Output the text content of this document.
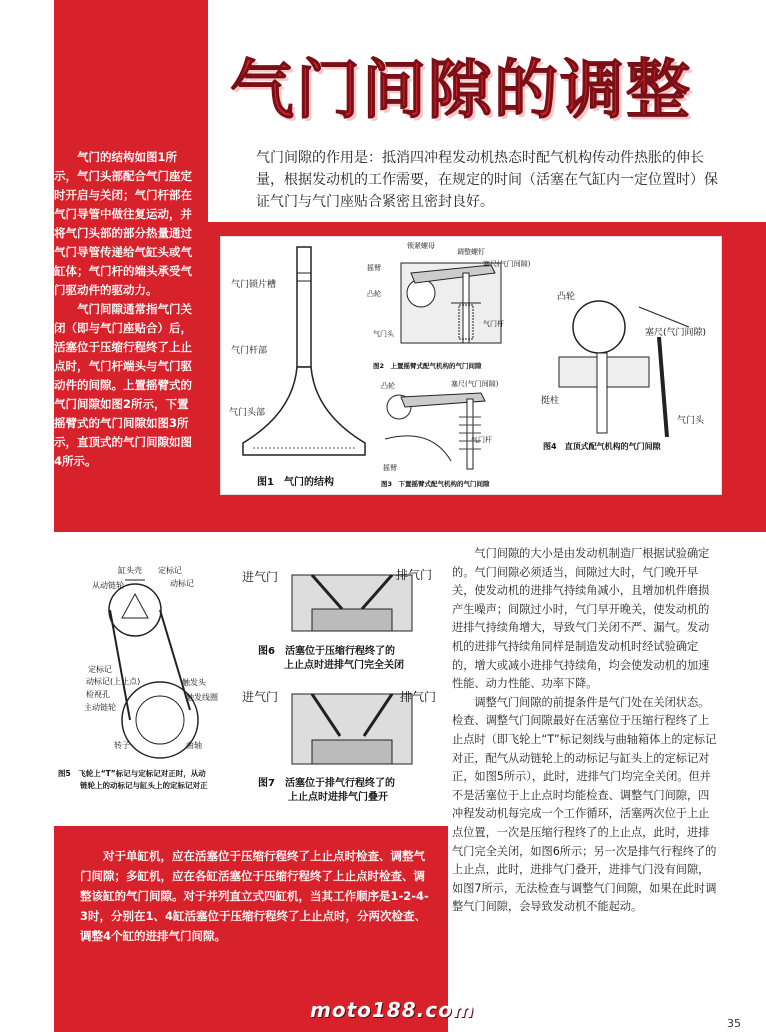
气门间隙的调整
气门间隙的作用是：抵消四冲程发动机热态时配气机构传动件热胀的伸长量，根据发动机的工作需要，在规定的时间（活塞在气缸内一定位置时）保证气门与气门座贴合紧密且密封良好。

气门的结构如图1所示，气门头部配合气门座定时开启与关闭；气门杆部在气门导管中做往复运动，并将气门头部的部分热量通过气门导管传递给气缸头或气缸体；气门杆的端头承受气门驱动件的驱动力。

气门间隙通常指气门关闭（即与气门座贴合）后，活塞位于压缩行程终了上止点时，气门杆端头与气门驱动件的间隙。上置摇臂式的气门间隙如图2所示，下置摇臂式的气门间隙如图3所示，直顶式的气门间隙如图4所示。

气门锁片槽
气门杆部
气门头部
图1　气门的结构
锁紧螺母
调整螺钉
摇臂	塞尺(气门间隙)
凸轮
气门杆
气门头
图2　上置摇臂式配气机构的气门间隙
凸轮	塞尺(气门间隙)
气门杆
摇臂
图3　下置摇臂式配气机构的气门间隙
凸轮
塞尺(气门间隙)
挺柱
气门头
图4　直顶式配气机构的气门间隙
缸头壳 定标记
从动链轮	动标记
定标记
动标记(上止点)
检视孔
主动链轮
触发头
触发线圈
转子	曲轴
图5　飞轮上“T”标记与定标记对正时，从动
链轮上的动标记与缸头上的定标记对正
进气门	排气门
图6　活塞位于压缩行程终了的
上止点时进排气门完全关闭
进气门	排气门
图7　活塞位于排气行程终了的
上止点时进排气门叠开

气门间隙的大小是由发动机制造厂根据试验确定的。气门间隙必须适当，间隙过大时，气门晚开早关，使发动机的进排气持续角减小，且增加机件磨损产生噪声；间隙过小时，气门早开晚关，使发动机的进排气持续角增大，导致气门关闭不严、漏气。发动机的进排气持续角同样是制造发动机时经试验确定的，增大或减小进排气持续角，均会使发动机的加速性能、动力性能、功率下降。

调整气门间隙的前提条件是气门处在关闭状态。检查、调整气门间隙最好在活塞位于压缩行程终了上止点时（即飞轮上“T”标记刻线与曲轴箱体上的定标记对正，配气从动链轮上的动标记与缸头上的定标记对正，如图5所示），此时，进排气门均完全关闭。但并不是活塞位于上止点时均能检查、调整气门间隙，四冲程发动机每完成一个工作循环，活塞两次位于上止点位置，一次是压缩行程终了的上止点，此时，进排气门完全关闭，如图6所示；另一次是排气行程终了的上止点，此时，进排气门叠开，进排气门没有间隙，如图7所示，无法检查与调整气门间隙，如果在此时调整气门间隙，会导致发动机不能起动。

对于单缸机，应在活塞位于压缩行程终了上止点时检查、调整气门间隙；多缸机，应在各缸活塞位于压缩行程终了上止点时检查、调整该缸的气门间隙。对于并列直立式四缸机，当其工作顺序是1-2-4-3时，分别在1、4缸活塞位于压缩行程终了上止点时，分两次检查、调整4个缸的进排气门间隙。

moto188.com
35
